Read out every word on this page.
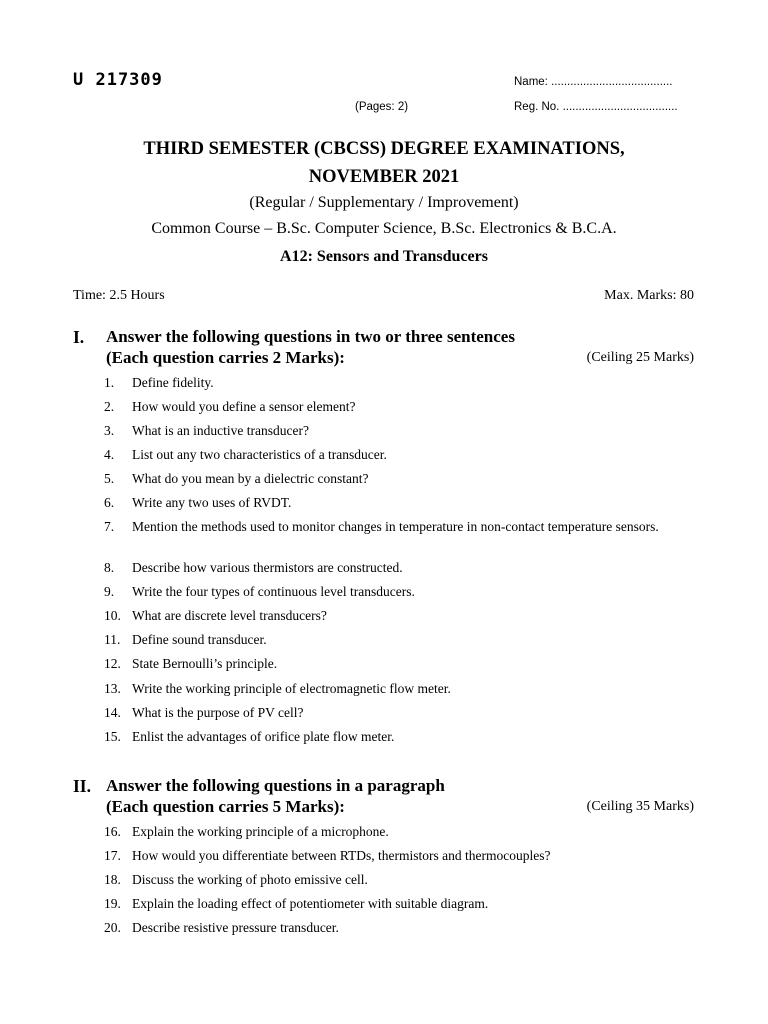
U 217309	Name: ......................................
(Pages: 2)	Reg. No. ....................................
THIRD SEMESTER (CBCSS) DEGREE EXAMINATIONS,
NOVEMBER 2021
(Regular / Supplementary / Improvement)
Common Course – B.Sc. Computer Science, B.Sc. Electronics & B.C.A.
A12: Sensors and Transducers
Time: 2.5 Hours	Max. Marks: 80
I. Answer the following questions in two or three sentences
(Each question carries 2 Marks):	(Ceiling 25 Marks)
1.	Define fidelity.
2.	How would you define a sensor element?
3.	What is an inductive transducer?
4.	List out any two characteristics of a transducer.
5.	What do you mean by a dielectric constant?
6.	Write any two uses of RVDT.
7.	Mention the methods used to monitor changes in temperature in non-contact temperature sensors.
8.	Describe how various thermistors are constructed.
9.	Write the four types of continuous level transducers.
10. What are discrete level transducers?
11. Define sound transducer.
12. State Bernoulli’s principle.
13. Write the working principle of electromagnetic flow meter.
14. What is the purpose of PV cell?
15. Enlist the advantages of orifice plate flow meter.
II. Answer the following questions in a paragraph
(Each question carries 5 Marks):	(Ceiling 35 Marks)
16. Explain the working principle of a microphone.
17. How would you differentiate between RTDs, thermistors and thermocouples?
18. Discuss the working of photo emissive cell.
19. Explain the loading effect of potentiometer with suitable diagram.
20. Describe resistive pressure transducer.
